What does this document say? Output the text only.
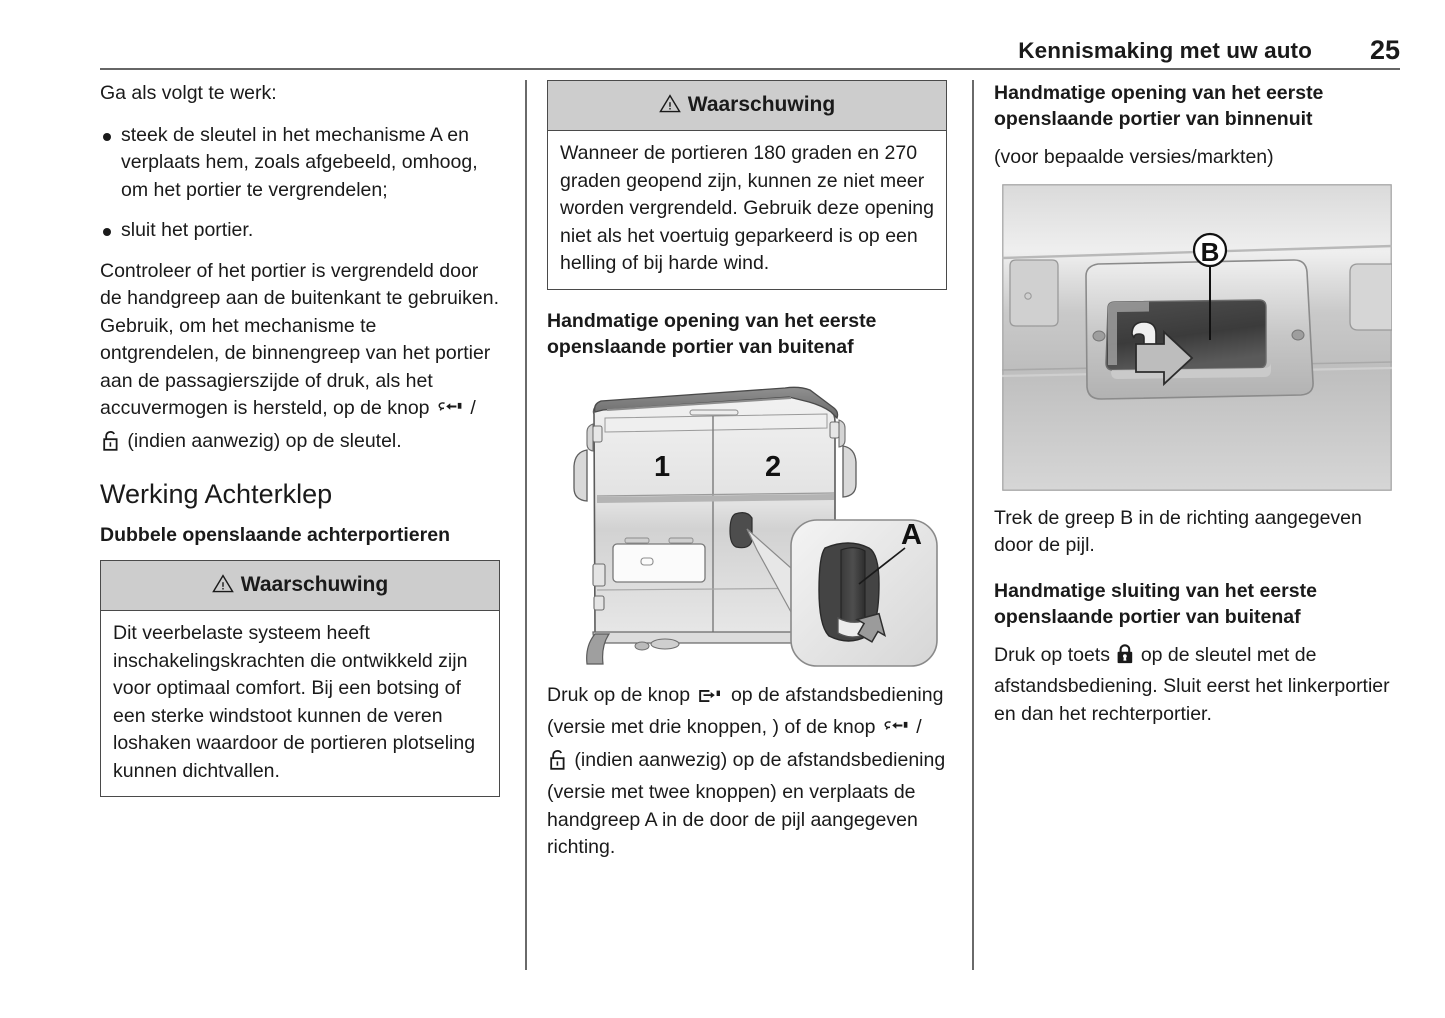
Kennismaking met uw auto 25

Ga als volgt te werk:

steek de sleutel in het mechanisme A en verplaats hem, zoals afgebeeld, omhoog, om het portier te vergrendelen;
sluit het portier.

Controleer of het portier is vergrendeld door de handgreep aan de buitenkant te gebruiken.

Gebruik, om het mechanisme te ontgrendelen, de binnengreep van het portier aan de passagierszijde of druk, als het accuvermogen is hersteld, op de knop /  (indien aanwezig) op de sleutel.

Werking Achterklep
Dubbele openslaande achterportieren
Waarschuwing
Dit veerbelaste systeem heeft inschakelingskrachten die ontwikkeld zijn voor optimaal comfort. Bij een botsing of een sterke windstoot kunnen de veren loshaken waardoor de portieren plotseling kunnen dichtvallen.
Waarschuwing
Wanneer de portieren 180 graden en 270 graden geopend zijn, kunnen ze niet meer worden vergrendeld. Gebruik deze opening niet als het voertuig geparkeerd is op een helling of bij harde wind.
Handmatige opening van het eerste openslaande portier van buitenaf
1	2
A

Druk op de knop op de afstandsbediening (versie met drie knoppen, ) of de knop /  (indien aanwezig) op de afstandsbediening (versie met twee knoppen) en verplaats de handgreep A in de door de pijl aangegeven richting.

Handmatige opening van het eerste openslaande portier van binnenuit

(voor bepaalde versies/markten)

B

Trek de greep B in de richting aangegeven door de pijl.

Handmatige sluiting van het eerste openslaande portier van buitenaf

Druk op toets op de sleutel met de afstandsbediening. Sluit eerst het linkerportier en dan het rechterportier.
